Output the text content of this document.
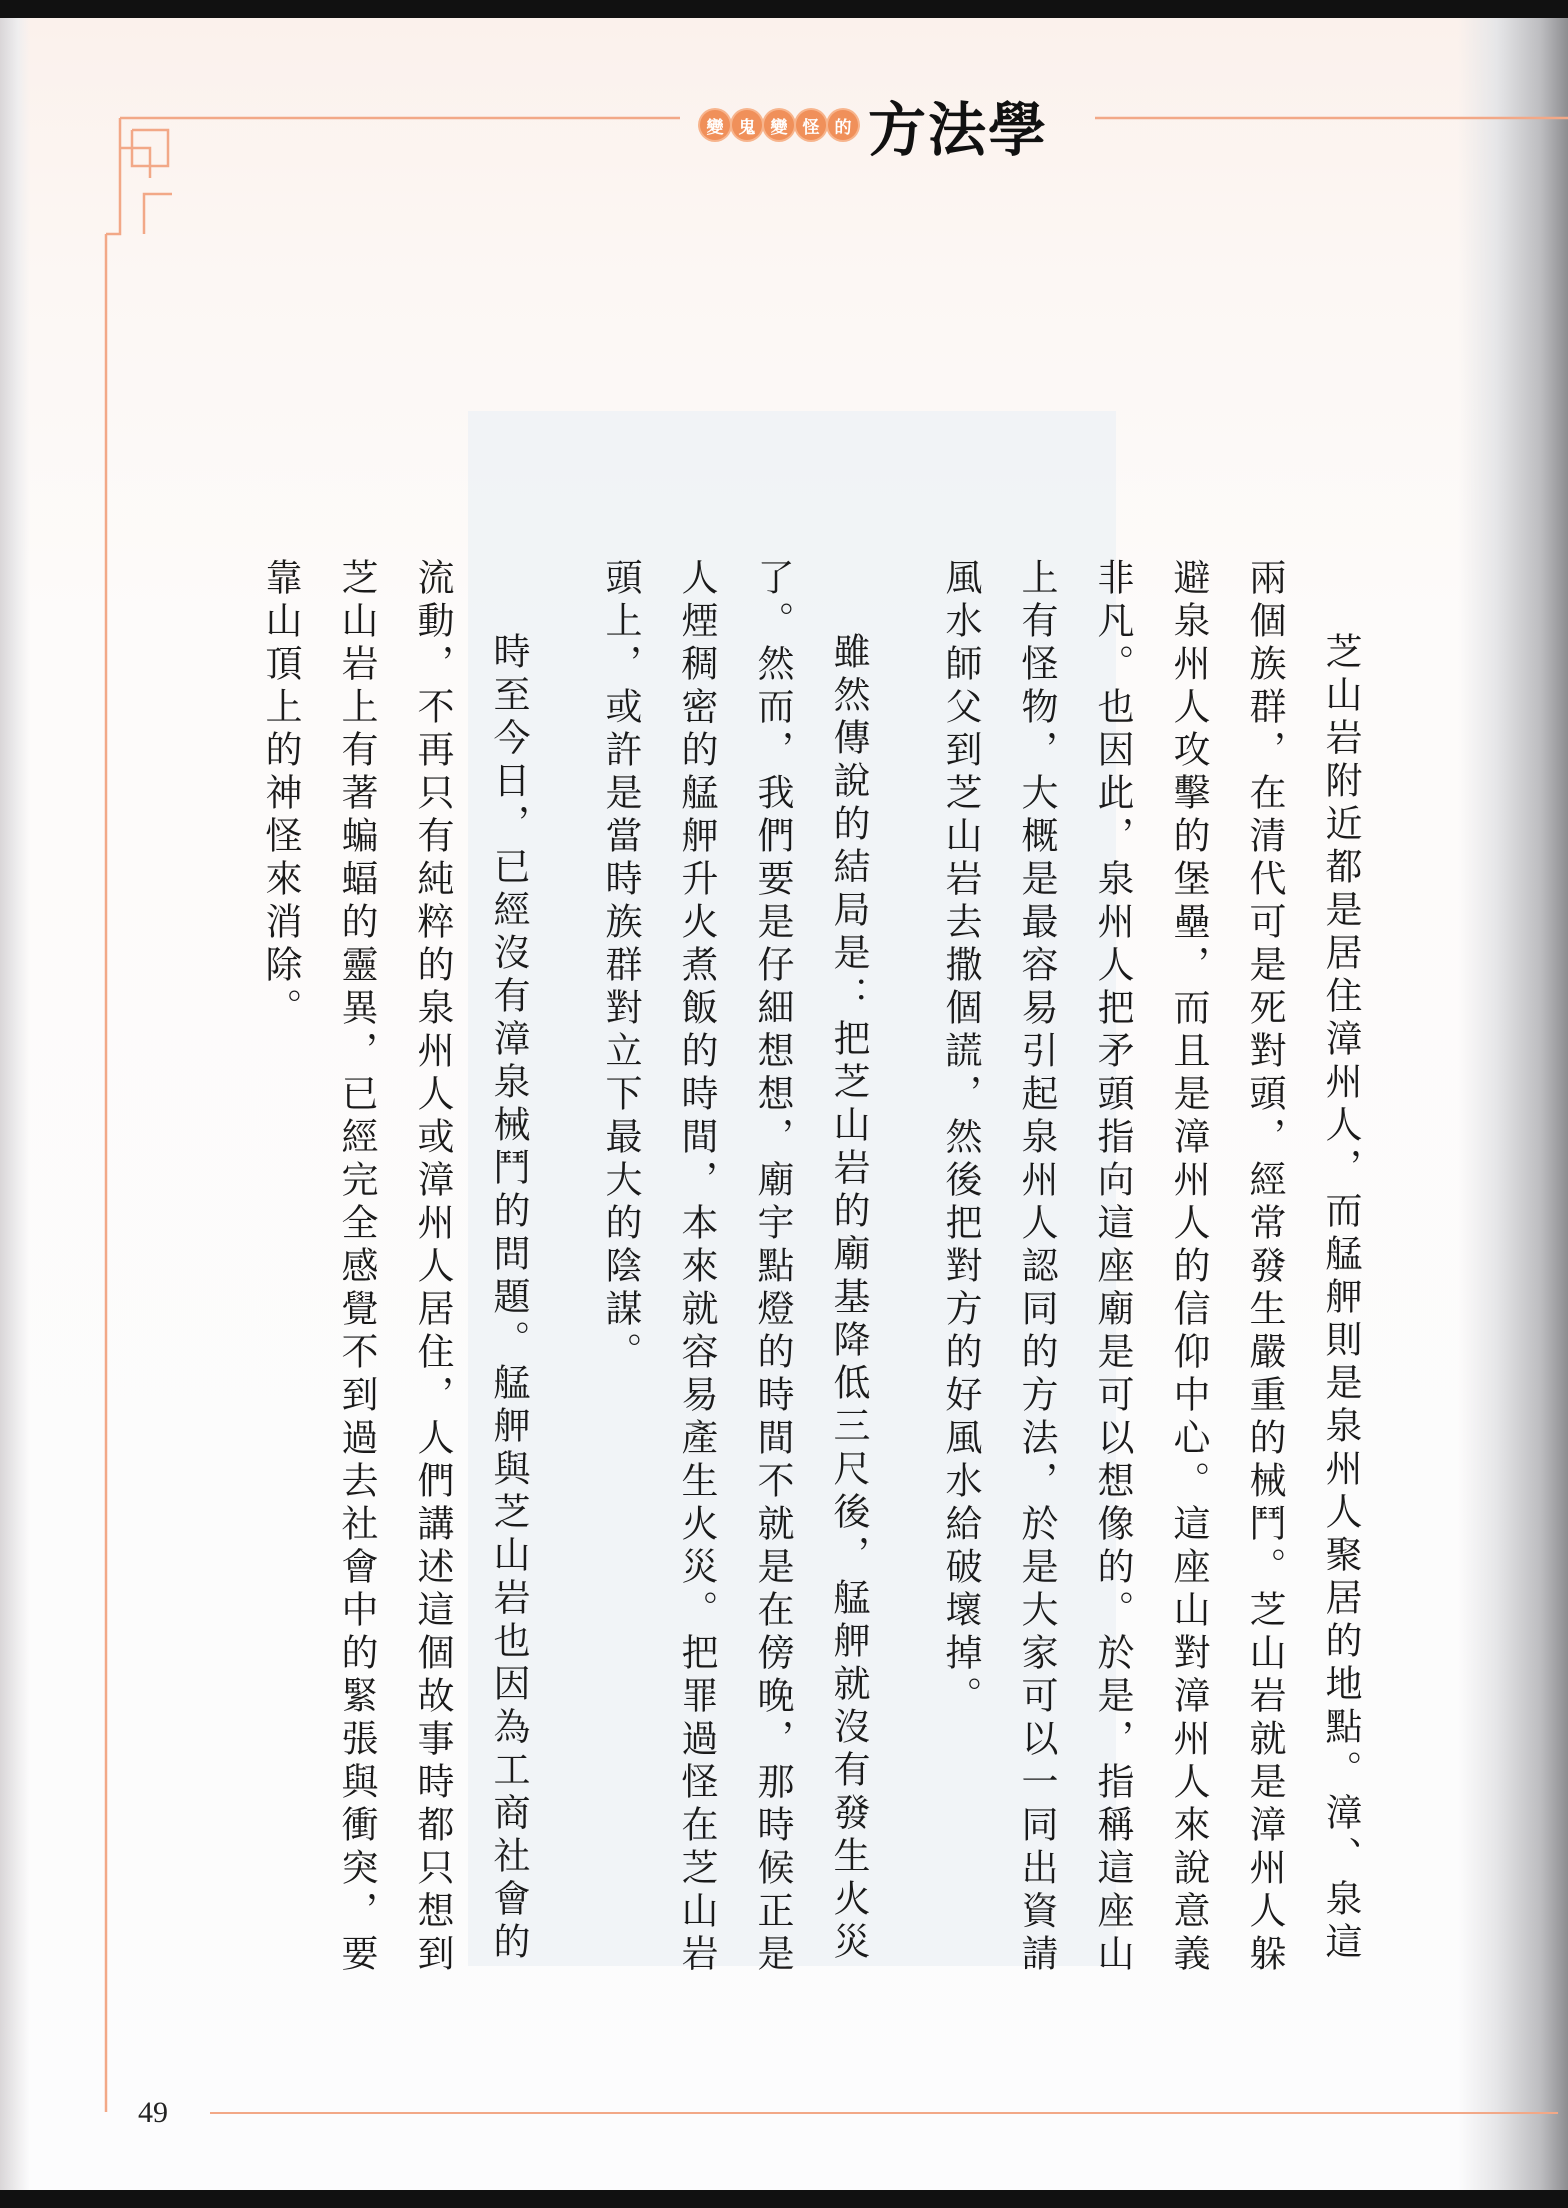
變 鬼 變 怪 的 方法學

芝山岩附近都是居住漳州人，而艋舺則是泉州人聚居的地點。漳、泉這兩個族群，在清代可是死對頭，經常發生嚴重的械鬥。芝山岩就是漳州人躲避泉州人攻擊的堡壘，而且是漳州人的信仰中心。這座山對漳州人來說意義非凡。也因此，泉州人把矛頭指向這座廟是可以想像的。於是，指稱這座山上有怪物，大概是最容易引起泉州人認同的方法，於是大家可以一同出資請風水師父到芝山岩去撒個謊，然後把對方的好風水給破壞掉。

雖然傳說的結局是：把芝山岩的廟基降低三尺後，艋舺就沒有發生火災了。然而，我們要是仔細想想，廟宇點燈的時間不就是在傍晚，那時候正是人煙稠密的艋舺升火煮飯的時間，本來就容易產生火災。把罪過怪在芝山岩頭上，或許是當時族群對立下最大的陰謀。

時至今日，已經沒有漳泉械鬥的問題。艋舺與芝山岩也因為工商社會的流動，不再只有純粹的泉州人或漳州人居住，人們講述這個故事時都只想到芝山岩上有著蝙蝠的靈異，已經完全感覺不到過去社會中的緊張與衝突，要靠山頂上的神怪來消除。

49
